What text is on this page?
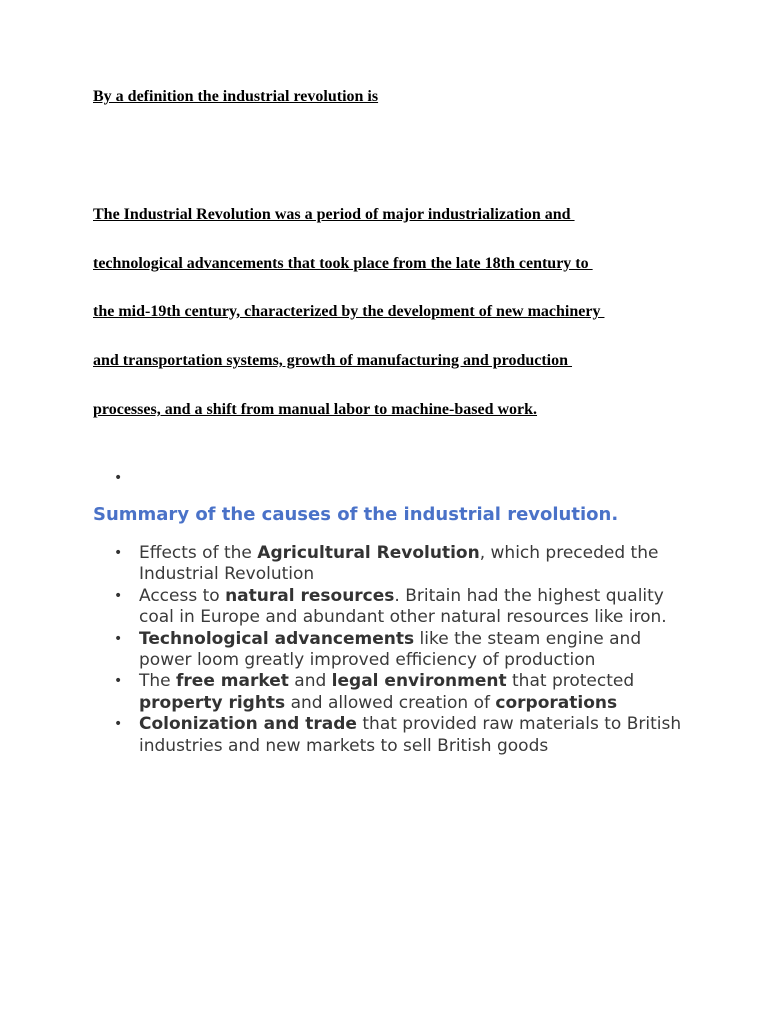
By a definition the industrial revolution is
The Industrial Revolution was a period of major industrialization and
technological advancements that took place from the late 18th century to
the mid-19th century, characterized by the development of new machinery
and transportation systems, growth of manufacturing and production
processes, and a shift from manual labor to machine-based work.
•
Summary of the causes of the industrial revolution.
• Effects of the Agricultural Revolution, which preceded the Industrial Revolution
• Access to natural resources. Britain had the highest quality coal in Europe and abundant other natural resources like iron.
• Technological advancements like the steam engine and power loom greatly improved efficiency of production
• The free market and legal environment that protected property rights and allowed creation of corporations
• Colonization and trade that provided raw materials to British industries and new markets to sell British goods
